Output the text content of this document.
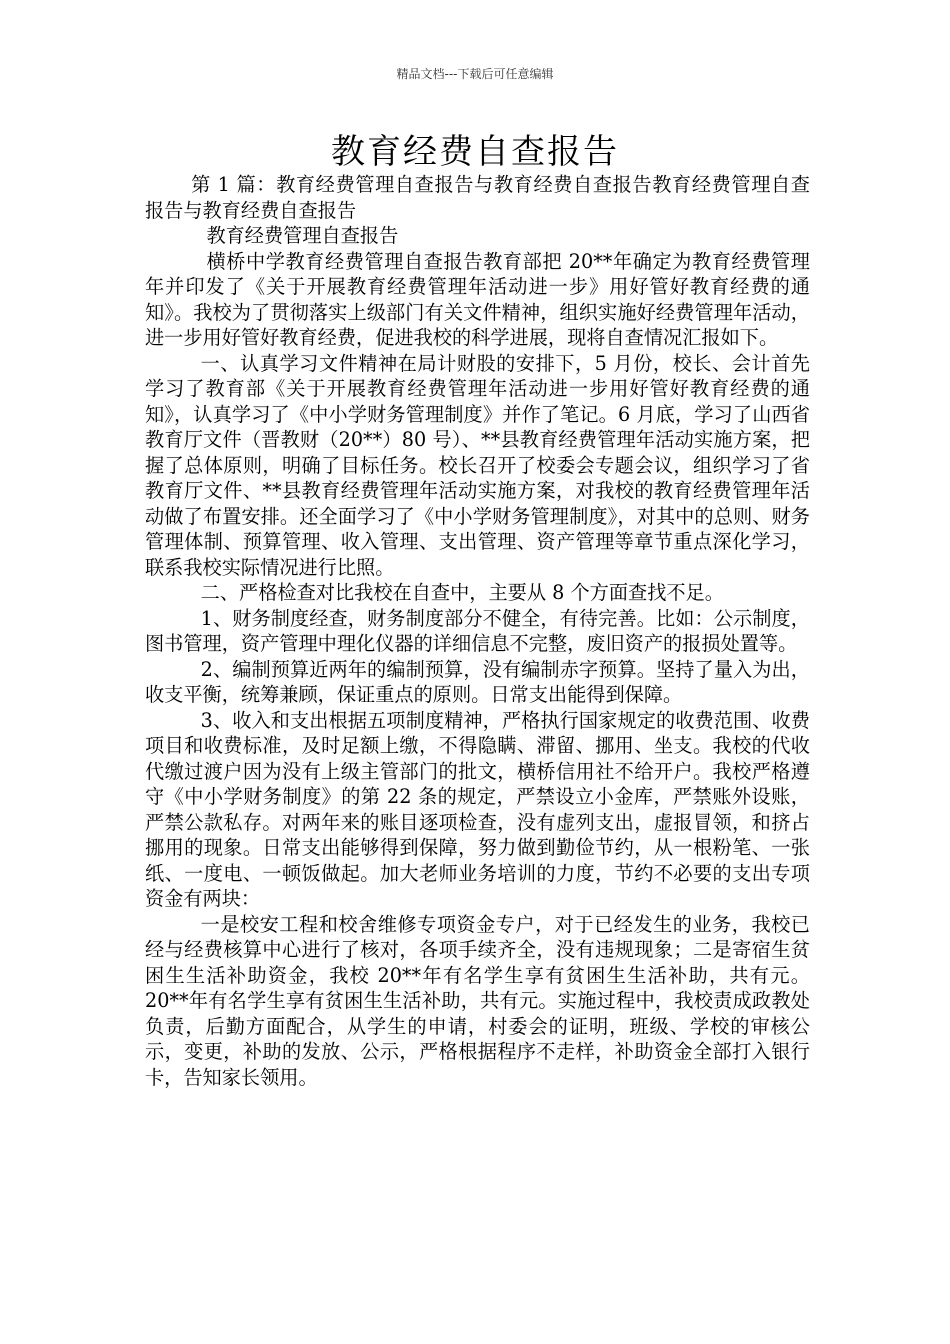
精品文档---下载后可任意编辑
教育经费自查报告

第 1 篇：教育经费管理自查报告与教育经费自查报告教育经费管理自查报告与教育经费自查报告

教育经费管理自查报告

横桥中学教育经费管理自查报告教育部把 20**年确定为教育经费管理年并印发了《关于开展教育经费管理年活动进一步》用好管好教育经费的通知》。我校为了贯彻落实上级部门有关文件精神，组织实施好经费管理年活动，进一步用好管好教育经费，促进我校的科学进展，现将自查情况汇报如下。

一、认真学习文件精神在局计财股的安排下，5 月份，校长、会计首先学习了教育部《关于开展教育经费管理年活动进一步用好管好教育经费的通知》，认真学习了《中小学财务管理制度》并作了笔记。6 月底，学习了山西省教育厅文件（晋教财（20**）80 号）、**县教育经费管理年活动实施方案，把握了总体原则，明确了目标任务。校长召开了校委会专题会议，组织学习了省教育厅文件、**县教育经费管理年活动实施方案，对我校的教育经费管理年活动做了布置安排。还全面学习了《中小学财务管理制度》，对其中的总则、财务管理体制、预算管理、收入管理、支出管理、资产管理等章节重点深化学习，联系我校实际情况进行比照。

二、严格检查对比我校在自查中，主要从 8 个方面查找不足。

1、财务制度经查，财务制度部分不健全，有待完善。比如：公示制度，图书管理，资产管理中理化仪器的详细信息不完整，废旧资产的报损处置等。

2、编制预算近两年的编制预算，没有编制赤字预算。坚持了量入为出，收支平衡，统筹兼顾，保证重点的原则。日常支出能得到保障。

3、收入和支出根据五项制度精神，严格执行国家规定的收费范围、收费项目和收费标准，及时足额上缴，不得隐瞒、滞留、挪用、坐支。我校的代收代缴过渡户因为没有上级主管部门的批文，横桥信用社不给开户。我校严格遵守《中小学财务制度》的第 22 条的规定，严禁设立小金库，严禁账外设账，严禁公款私存。对两年来的账目逐项检查，没有虚列支出，虚报冒领，和挤占挪用的现象。日常支出能够得到保障，努力做到勤俭节约，从一根粉笔、一张纸、一度电、一顿饭做起。加大老师业务培训的力度，节约不必要的支出专项资金有两块：

一是校安工程和校舍维修专项资金专户，对于已经发生的业务，我校已经与经费核算中心进行了核对，各项手续齐全，没有违规现象；二是寄宿生贫困生生活补助资金，我校 20**年有名学生享有贫困生生活补助，共有元。20**年有名学生享有贫困生生活补助，共有元。实施过程中，我校责成政教处负责，后勤方面配合，从学生的申请，村委会的证明，班级、学校的审核公示，变更，补助的发放、公示，严格根据程序不走样，补助资金全部打入银行卡，告知家长领用。
